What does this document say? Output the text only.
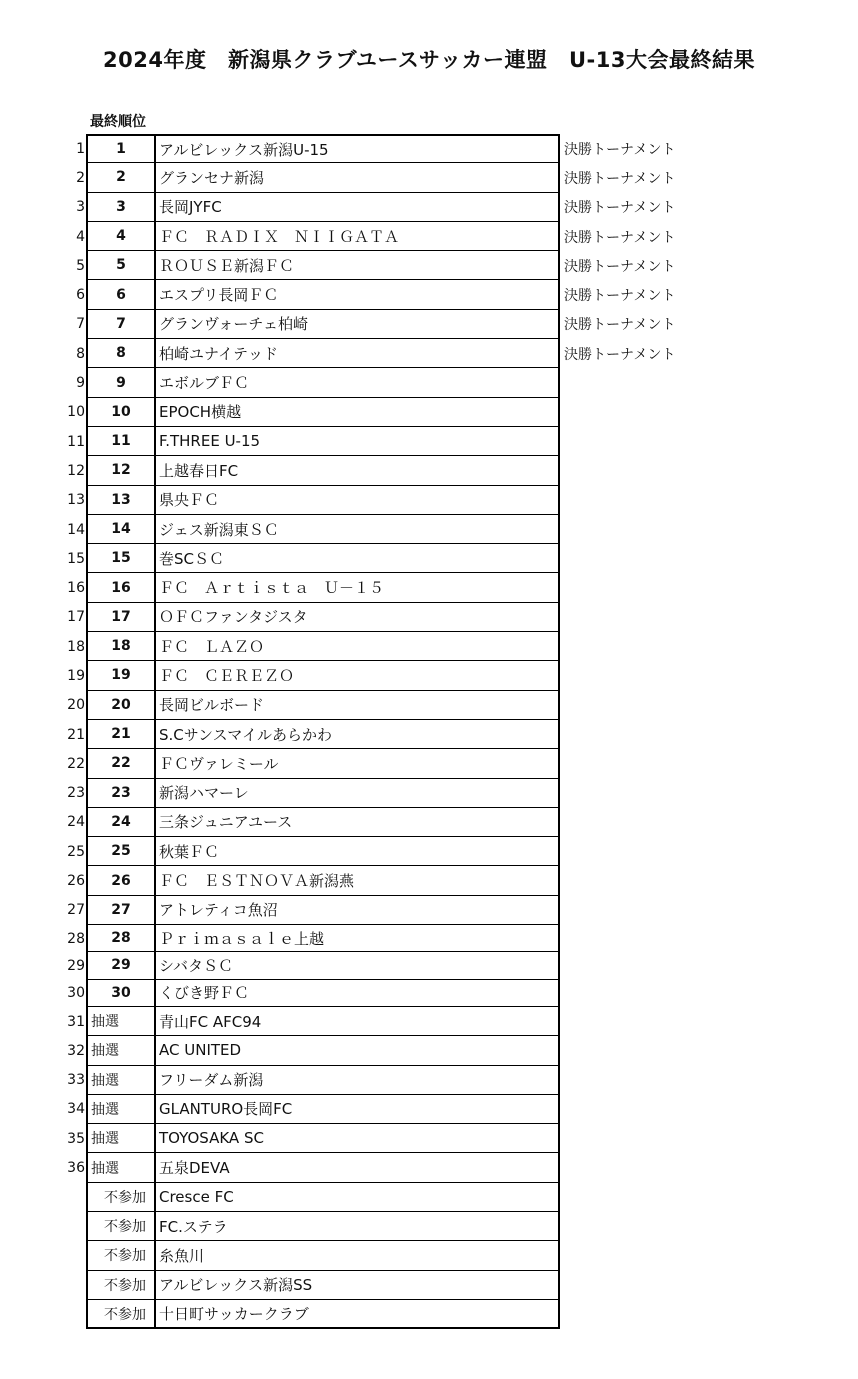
2024年度　新潟県クラブユースサッカー連盟　U-13大会最終結果
最終順位
1	1	アルビレックス新潟U-15	決勝トーナメント
2	2	グランセナ新潟	決勝トーナメント
3	3	長岡JYFC	決勝トーナメント
4	4	ＦＣ　ＲＡＤＩＸ　ＮＩＩＧＡＴＡ	決勝トーナメント
5	5	ＲＯＵＳＥ新潟ＦＣ	決勝トーナメント
6	6	エスプリ長岡ＦＣ	決勝トーナメント
7	7	グランヴォーチェ柏崎	決勝トーナメント
8	8	柏崎ユナイテッド	決勝トーナメント
9	9	エボルブＦＣ
10	10	EPOCH横越
11	11	F.THREE U-15
12	12	上越春日FC
13	13	県央ＦＣ
14	14	ジェス新潟東ＳＣ
15	15	巻SCＳＣ
16	16	ＦＣ　Ａｒｔｉｓｔａ　Ｕ－１５
17	17	ＯＦＣファンタジスタ
18	18	ＦＣ　ＬＡＺＯ
19	19	ＦＣ　ＣＥＲＥＺＯ
20	20	長岡ビルボード
21	21	S.Cサンスマイルあらかわ
22	22	ＦＣヴァレミール
23	23	新潟ハマーレ
24	24	三条ジュニアユース
25	25	秋葉ＦＣ
26	26	ＦＣ　ＥＳＴＮＯＶＡ新潟燕
27	27	アトレティコ魚沼
28	28	Ｐｒｉｍａｓａｌｅ上越
29	29	シバタＳＣ
30	30	くびき野ＦＣ
31 抽選	青山FC AFC94
32 抽選	AC UNITED
33 抽選	フリーダム新潟
34 抽選	GLANTURO長岡FC
35 抽選	TOYOSAKA SC
36 抽選	五泉DEVA
不参加 Cresce FC
不参加 FC.ステラ
不参加 糸魚川
不参加 アルビレックス新潟SS
不参加 十日町サッカークラブ
